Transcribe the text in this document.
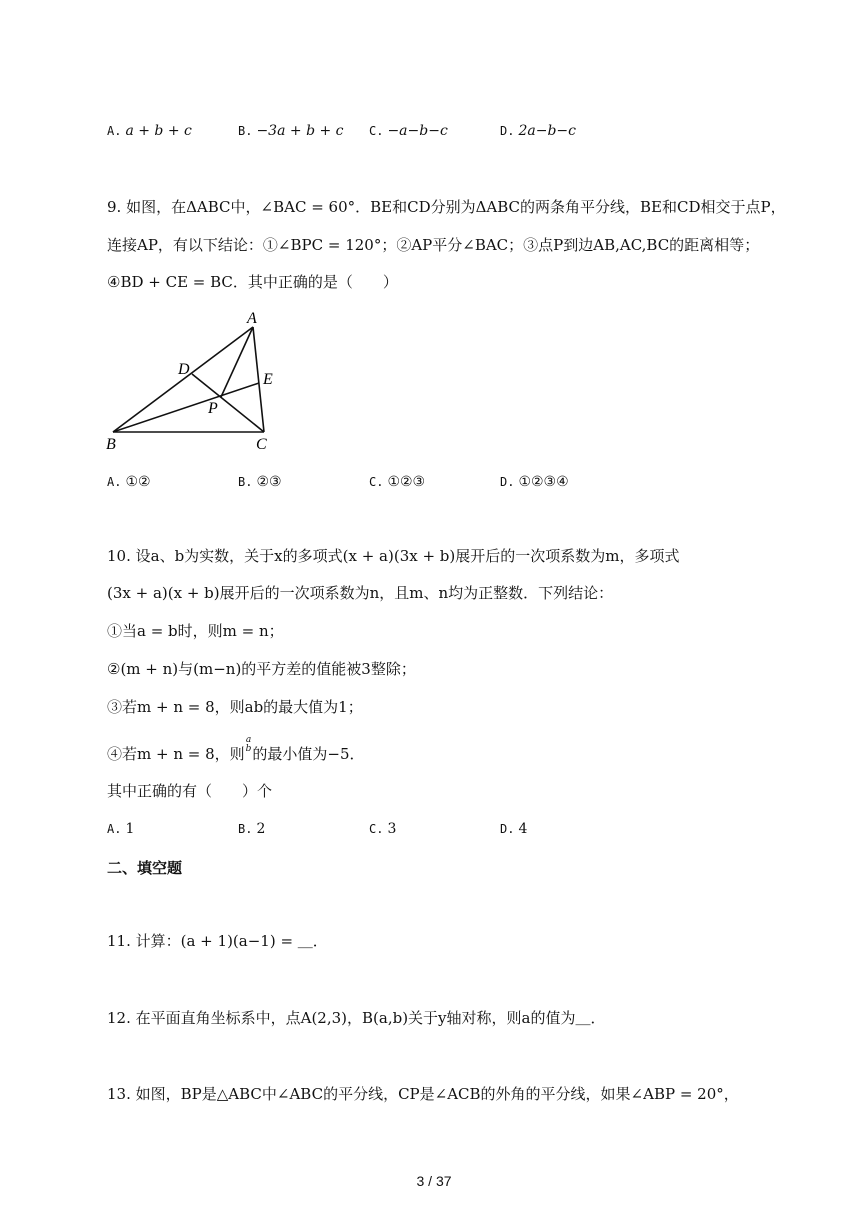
A. a + b + c	B. −3a + b + c C. −a−b−c	D. 2a−b−c
9. 如图，在ΔABC中，∠BAC = 60°．BE和CD分别为ΔABC的两条角平分线，BE和CD相交于点P，
连接AP，有以下结论：①∠BPC = 120°；②AP平分∠BAC；③点P到边AB,AC,BC的距离相等；
④BD + CE = BC．其中正确的是（　　）
A
B	C
D
E
P
A. ①②	B. ②③	C. ①②③	D. ①②③④
10. 设a、b为实数，关于x的多项式(x + a)(3x + b)展开后的一次项系数为m，多项式
(3x + a)(x + b)展开后的一次项系数为n，且m、n均为正整数．下列结论：
①当a = b时，则m = n；
②(m + n)与(m−n)的平方差的值能被3整除；
③若m + n = 8，则ab的最大值为1；
④若m + n = 8，则
a
b 的最小值为−5．
其中正确的有（　　）个
A. 1	B. 2	C. 3	D. 4
二、填空题
11. 计算：(a + 1)(a−1) = ＿．
12. 在平面直角坐标系中，点A(2,3)，B(a,b)关于y轴对称，则a的值为＿．
13. 如图，BP是△ABC中∠ABC的平分线，CP是∠ACB的外角的平分线，如果∠ABP = 20°，
3 / 37
